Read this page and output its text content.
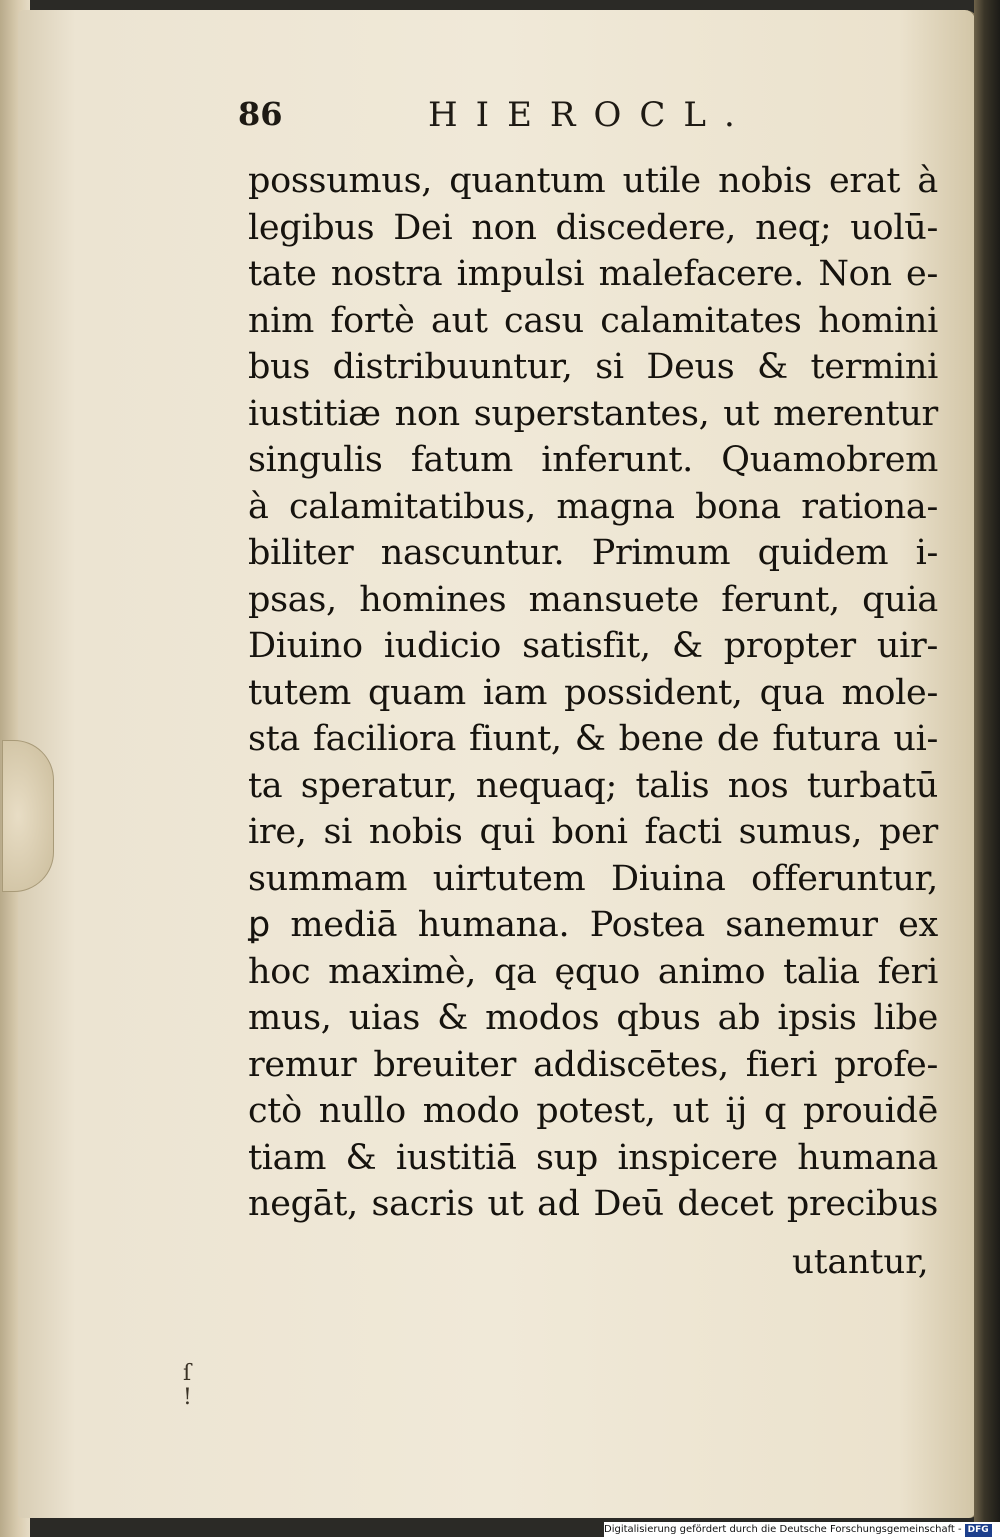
86	HIEROCL.
possumus, quantum utile nobis erat à
legibus Dei non discedere, neq; uolū-
tate nostra impulsi malefacere. Non e-
nim fortè aut casu calamitates homini
bus distribuuntur, si Deus & termini
iustitiæ non superstantes, ut merentur
singulis fatum inferunt. Quamobrem
à calamitatibus, magna bona rationa-
biliter nascuntur. Primum quidem i-
psas, homines mansuete ferunt, quia
Diuino iudicio satisfit, & propter uir-
tutem quam iam possident, qua mole-
sta faciliora fiunt, & bene de futura ui-
ta speratur, nequaq; talis nos turbatū
ire, si nobis qui boni facti sumus, per
summam uirtutem Diuina offeruntur,
ꝑ mediā humana. Postea sanemur ex
hoc maximè, qa ęquo animo talia feri
mus, uias & modos qbus ab ipsis libe
remur breuiter addiscētes, fieri profe-
ctò nullo modo potest, ut ij q prouidē
tiam & iustitiā sup inspicere humana
negāt, sacris ut ad Deū decet precibus
utantur,
ſ
!
Digitalisierung gefördert durch die Deutsche Forschungsgemeinschaft - DFG
